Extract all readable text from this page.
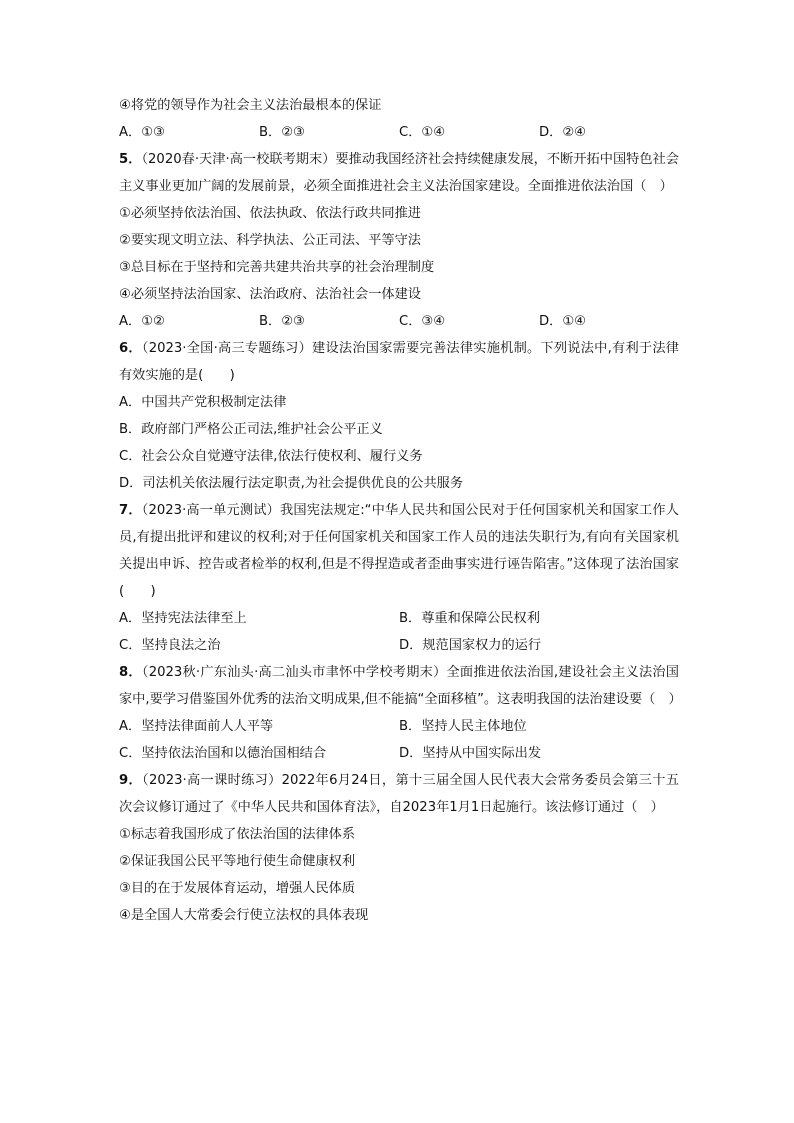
④将党的领导作为社会主义法治最根本的保证
A．①③	B．②③	C．①④	D．②④
5．（2020春·天津·高一校联考期末）要推动我国经济社会持续健康发展，不断开拓中国特色社会主义事业更加广阔的发展前景，必须全面推进社会主义法治国家建设。全面推进依法治国（　）
①必须坚持依法治国、依法执政、依法行政共同推进
②要实现文明立法、科学执法、公正司法、平等守法
③总目标在于坚持和完善共建共治共享的社会治理制度
④必须坚持法治国家、法治政府、法治社会一体建设
A．①②	B．②③	C．③④	D．①④
6．（2023·全国·高三专题练习）建设法治国家需要完善法律实施机制。下列说法中,有利于法律有效实施的是(　　)
A．中国共产党积极制定法律
B．政府部门严格公正司法,维护社会公平正义
C．社会公众自觉遵守法律,依法行使权利、履行义务
D．司法机关依法履行法定职责,为社会提供优良的公共服务
7．（2023·高一单元测试）我国宪法规定:“中华人民共和国公民对于任何国家机关和国家工作人员,有提出批评和建议的权利;对于任何国家机关和国家工作人员的违法失职行为,有向有关国家机关提出申诉、控告或者检举的权利,但是不得捏造或者歪曲事实进行诬告陷害。”这体现了法治国家(　　)
A．坚持宪法法律至上	B．尊重和保障公民权利
C．坚持良法之治	D．规范国家权力的运行
8．（2023秋·广东汕头·高二汕头市聿怀中学校考期末）全面推进依法治国,建设社会主义法治国家中,要学习借鉴国外优秀的法治文明成果,但不能搞“全面移植”。这表明我国的法治建设要（　）
A．坚持法律面前人人平等	B．坚持人民主体地位
C．坚持依法治国和以德治国相结合	D．坚持从中国实际出发
9．（2023·高一课时练习）2022年6月24日，第十三届全国人民代表大会常务委员会第三十五次会议修订通过了《中华人民共和国体育法》，自2023年1月1日起施行。该法修订通过（　）
①标志着我国形成了依法治国的法律体系
②保证我国公民平等地行使生命健康权利
③目的在于发展体育运动，增强人民体质
④是全国人大常委会行使立法权的具体表现
